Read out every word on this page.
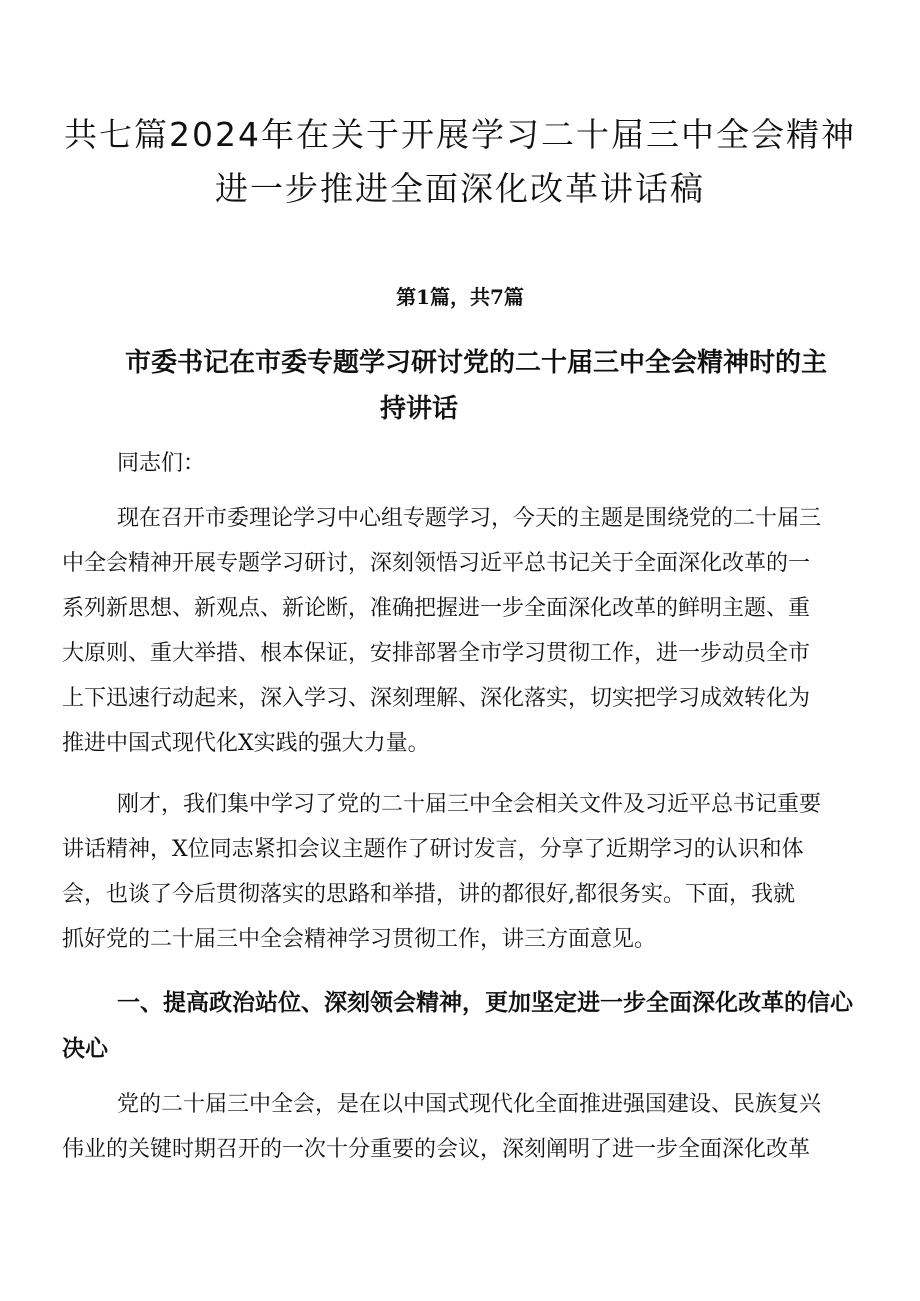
共七篇2024年在关于开展学习二十届三中全会精神
进一步推进全面深化改革讲话稿
第1篇，共7篇
市委书记在市委专题学习研讨党的二十届三中全会精神时的主
持讲话
同志们：
现在召开市委理论学习中心组专题学习，今天的主题是围绕党的二十届三
中全会精神开展专题学习研讨，深刻领悟习近平总书记关于全面深化改革的一
系列新思想、新观点、新论断，准确把握进一步全面深化改革的鲜明主题、重
大原则、重大举措、根本保证，安排部署全市学习贯彻工作，进一步动员全市
上下迅速行动起来，深入学习、深刻理解、深化落实，切实把学习成效转化为
推进中国式现代化X实践的强大力量。
刚才，我们集中学习了党的二十届三中全会相关文件及习近平总书记重要
讲话精神，X位同志紧扣会议主题作了研讨发言，分享了近期学习的认识和体
会，也谈了今后贯彻落实的思路和举措，讲的都很好,都很务实。下面，我就
抓好党的二十届三中全会精神学习贯彻工作，讲三方面意见。
一、提高政治站位、深刻领会精神，更加坚定进一步全面深化改革的信心
决心
党的二十届三中全会，是在以中国式现代化全面推进强国建设、民族复兴
伟业的关键时期召开的一次十分重要的会议，深刻阐明了进一步全面深化改革
